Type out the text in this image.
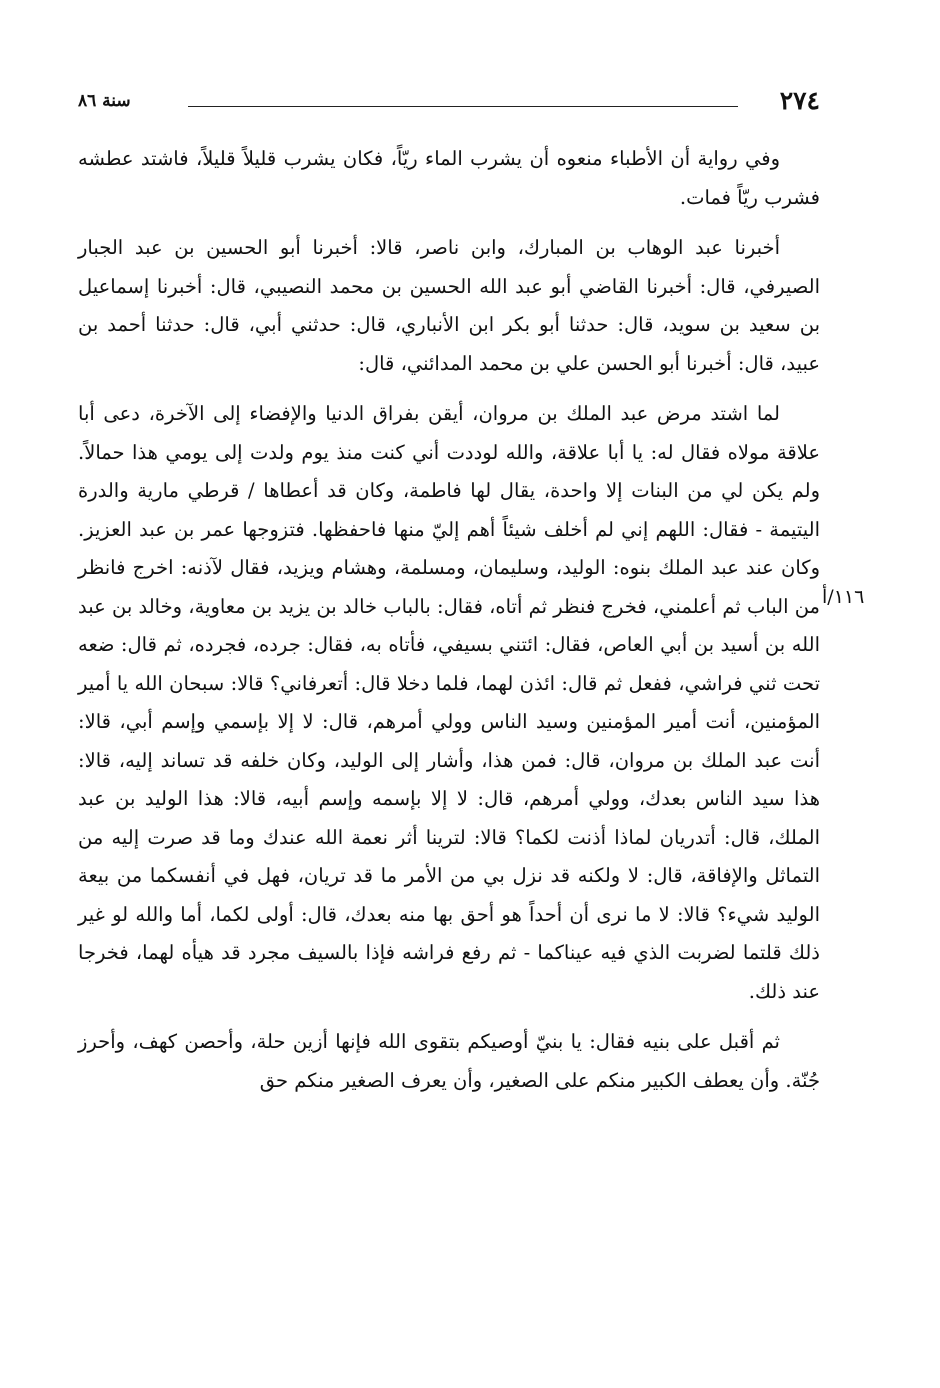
٢٧٤
سنة ٨٦

وفي رواية أن الأطباء منعوه أن يشرب الماء ريّاً، فكان يشرب قليلاً قليلاً، فاشتد عطشه فشرب ريّاً فمات.

أخبرنا عبد الوهاب بن المبارك، وابن ناصر، قالا: أخبرنا أبو الحسين بن عبد الجبار الصيرفي، قال: أخبرنا القاضي أبو عبد الله الحسين بن محمد النصيبي، قال: أخبرنا إسماعيل بن سعيد بن سويد، قال: حدثنا أبو بكر ابن الأنباري، قال: حدثني أبي، قال: حدثنا أحمد بن عبيد، قال: أخبرنا أبو الحسن علي بن محمد المدائني، قال:

لما اشتد مرض عبد الملك بن مروان، أيقن بفراق الدنيا والإفضاء إلى الآخرة، دعى أبا علاقة مولاه فقال له: يا أبا علاقة، والله لوددت أني كنت منذ يوم ولدت إلى يومي هذا حمالاً. ولم يكن لي من البنات إلا واحدة، يقال لها فاطمة، وكان قد أعطاها / قرطي مارية والدرة اليتيمة - فقال: اللهم إني لم أخلف شيئاً أهم إليّ منها فاحفظها. فتزوجها عمر بن عبد العزيز. وكان عند عبد الملك بنوه: الوليد، وسليمان، ومسلمة، وهشام ويزيد، فقال لآذنه: اخرج فانظر من الباب ثم أعلمني، فخرج فنظر ثم أتاه، فقال: بالباب خالد بن يزيد بن معاوية، وخالد بن عبد الله بن أسيد بن أبي العاص، فقال: ائتني بسيفي، فأتاه به، فقال: جرده، فجرده، ثم قال: ضعه تحت ثني فراشي، ففعل ثم قال: ائذن لهما، فلما دخلا قال: أتعرفاني؟ قالا: سبحان الله يا أمير المؤمنين، أنت أمير المؤمنين وسيد الناس وولي أمرهم، قال: لا إلا بإسمي وإسم أبي، قالا: أنت عبد الملك بن مروان، قال: فمن هذا، وأشار إلى الوليد، وكان خلفه قد تساند إليه، قالا: هذا سيد الناس بعدك، وولي أمرهم، قال: لا إلا بإسمه وإسم أبيه، قالا: هذا الوليد بن عبد الملك، قال: أتدريان لماذا أذنت لكما؟ قالا: لترينا أثر نعمة الله عندك وما قد صرت إليه من التماثل والإفاقة، قال: لا ولكنه قد نزل بي من الأمر ما قد تريان، فهل في أنفسكما من بيعة الوليد شيء؟ قالا: لا ما نرى أن أحداً هو أحق بها منه بعدك، قال: أولى لكما، أما والله لو غير ذلك قلتما لضربت الذي فيه عيناكما - ثم رفع فراشه فإذا بالسيف مجرد قد هيأه لهما، فخرجا عند ذلك.

ثم أقبل على بنيه فقال: يا بنيّ أوصيكم بتقوى الله فإنها أزين حلة، وأحصن كهف، وأحرز جُنّة. وأن يعطف الكبير منكم على الصغير، وأن يعرف الصغير منكم حق

١١٦/أ
